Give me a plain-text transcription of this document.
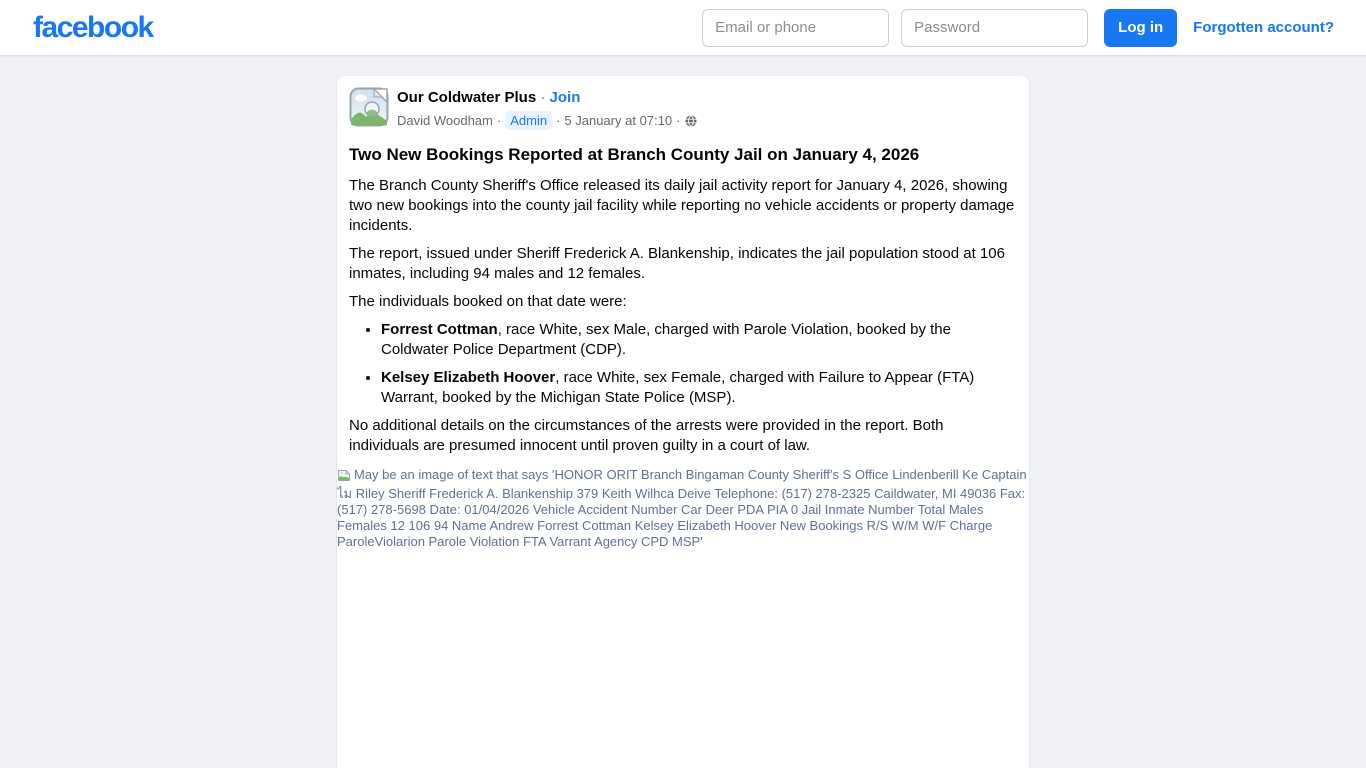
facebook
Email or phone	Log in	Forgotten account?
Our Coldwater Plus · Join
David Woodham · Admin · 5 January at 07:10 ·
Two New Bookings Reported at Branch County Jail on January 4, 2026

The Branch County Sheriff's Office released its daily jail activity report for January 4, 2026, showing two new bookings into the county jail facility while reporting no vehicle accidents or property damage incidents.

The report, issued under Sheriff Frederick A. Blankenship, indicates the jail population stood at 106 inmates, including 94 males and 12 females.

The individuals booked on that date were:

• Forrest Cottman, race White, sex Male, charged with Parole Violation, booked by the Coldwater Police Department (CDP).
• Kelsey Elizabeth Hoover, race White, sex Female, charged with Failure to Appear (FTA) Warrant, booked by the Michigan State Police (MSP).

No additional details on the circumstances of the arrests were provided in the report. Both individuals are presumed innocent until proven guilty in a court of law.

May be an image of text that says 'HONOR ORIT Branch Bingaman County Sheriff's S Office Lindenberill Ke Captain ไม Riley Sheriff Frederick A. Blankenship 379 Keith Wilhca Deive Telephone: (517) 278-2325 Caildwater, MI 49036 Fax: (517) 278-5698 Date: 01/04/2026 Vehicle Accident Number Car Deer PDA PIA 0 Jail Inmate Number Total Males Females 12 106 94 Name Andrew Forrest Cottman Kelsey Elizabeth Hoover New Bookings R/S W/M W/F Charge ParoleViolarion Parole Violation FTA Varrant Agency CPD MSP'
